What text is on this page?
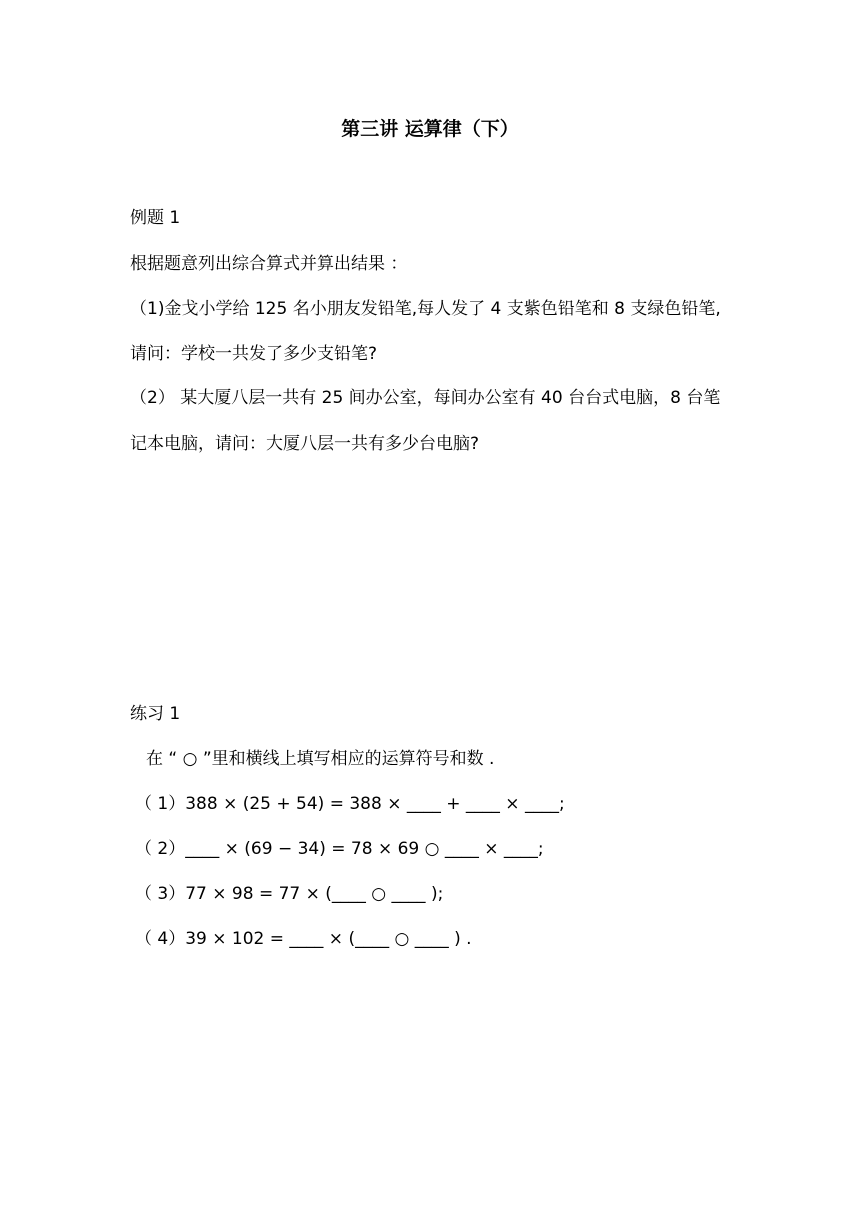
第三讲 运算律（下）
例题 1
根据题意列出综合算式并算出结果 ：
（1)金戈小学给 125 名小朋友发铅笔,每人发了 4 支紫色铅笔和 8 支绿色铅笔,
请问：学校一共发了多少支铅笔?
（2） 某大厦八层一共有 25 间办公室，每间办公室有 40 台台式电脑，8 台笔
记本电脑，请问：大厦八层一共有多少台电脑?
练习 1
在 “ ○ ”里和横线上填写相应的运算符号和数 .
（ 1）388 × (25 + 54) = 388 × ____ + ____ × ____;
（ 2）____ × (69 − 34) = 78 × 69 ○ ____ × ____;
（ 3）77 × 98 = 77 × (____ ○ ____ );
（ 4）39 × 102 = ____ × (____ ○ ____ ) .
